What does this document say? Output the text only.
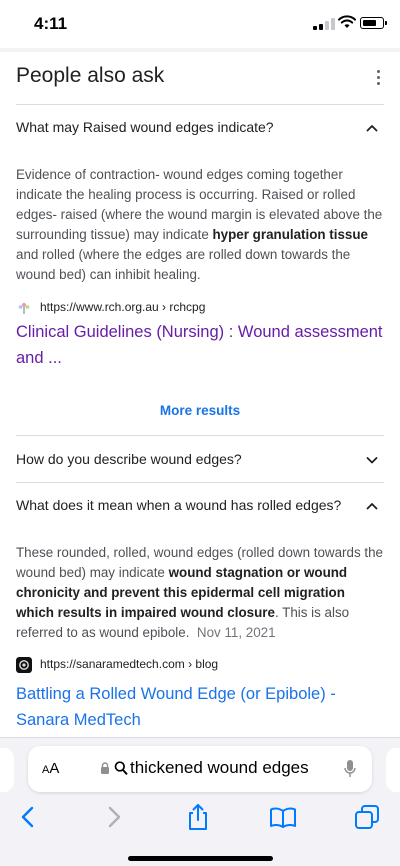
4:11
People also ask
What may Raised wound edges indicate?
Evidence of contraction- wound edges coming together indicate the healing process is occurring. Raised or rolled edges- raised (where the wound margin is elevated above the surrounding tissue) may indicate hyper granulation tissue and rolled (where the edges are rolled down towards the wound bed) can inhibit healing.
https://www.rch.org.au › rchcpg
Clinical Guidelines (Nursing) : Wound assessment and ...
More results
How do you describe wound edges?
What does it mean when a wound has rolled edges?
These rounded, rolled, wound edges (rolled down towards the wound bed) may indicate wound stagnation or wound chronicity and prevent this epidermal cell migration which results in impaired wound closure. This is also referred to as wound epibole. Nov 11, 2021
https://sanaramedtech.com › blog
Battling a Rolled Wound Edge (or Epibole) - Sanara MedTech
AA	thickened wound edges
